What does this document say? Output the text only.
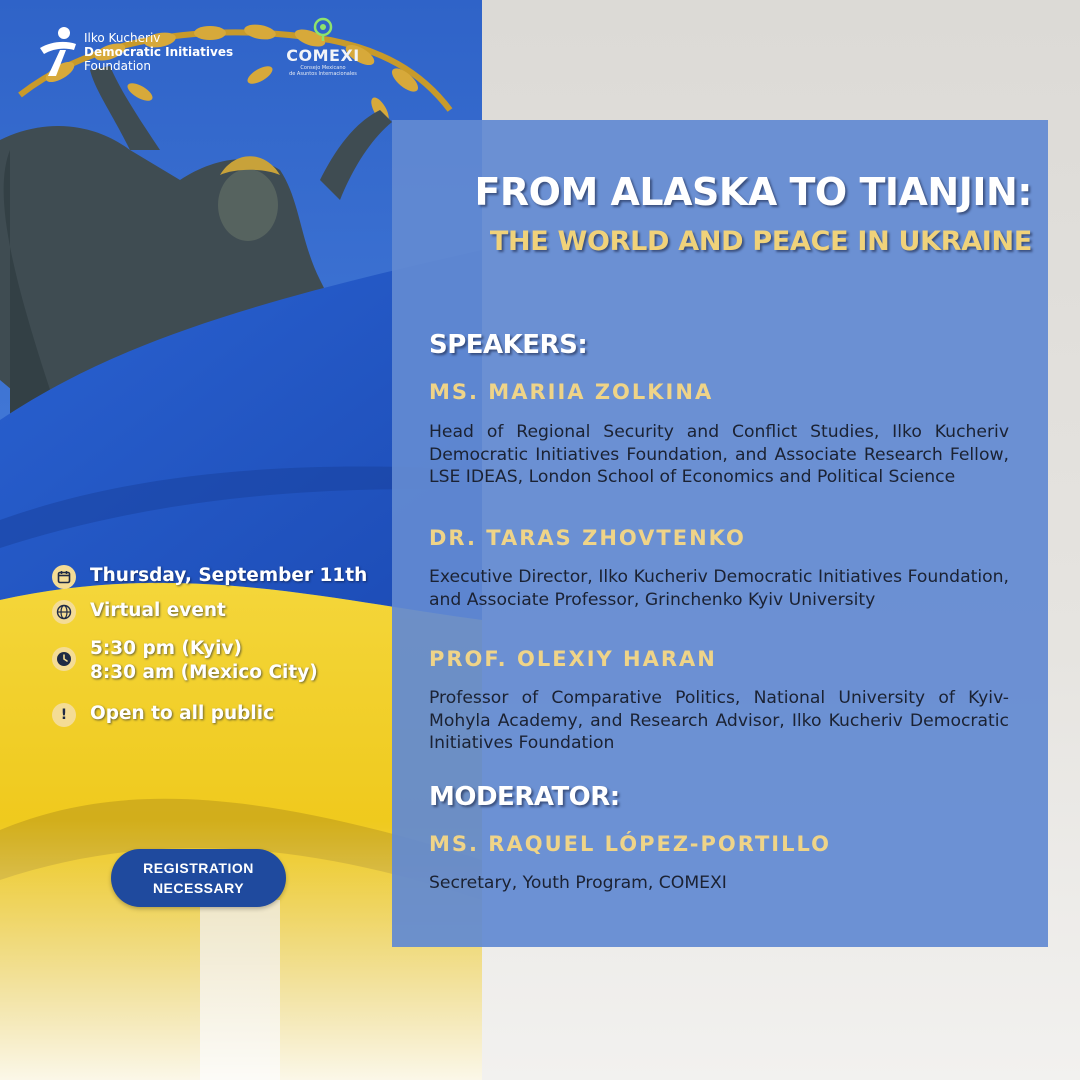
Ilko Kucheriv
Democratic Initiatives
Foundation
COMEXI
Consejo Mexicano
de Asuntos Internacionales
FROM ALASKA TO TIANJIN:
THE WORLD AND PEACE IN UKRAINE
SPEAKERS:
MS. MARIIA ZOLKINA
Head of Regional Security and Conflict Studies, Ilko Kucheriv Democratic Initiatives Foundation, and Associate Research Fellow, LSE IDEAS, London School of Economics and Political Science
DR. TARAS ZHOVTENKO
Executive Director, Ilko Kucheriv Democratic Initiatives Foundation, and Associate Professor, Grinchenko Kyiv University
PROF. OLEXIY HARAN
Professor of Comparative Politics, National University of Kyiv-Mohyla Academy, and Research Advisor, Ilko Kucheriv Democratic Initiatives Foundation
MODERATOR:
MS. RAQUEL LÓPEZ-PORTILLO
Secretary, Youth Program, COMEXI
Thursday, September 11th
Virtual event
5:30 pm (Kyiv)
8:30 am (Mexico City)
!	Open to all public
REGISTRATION
NECESSARY
